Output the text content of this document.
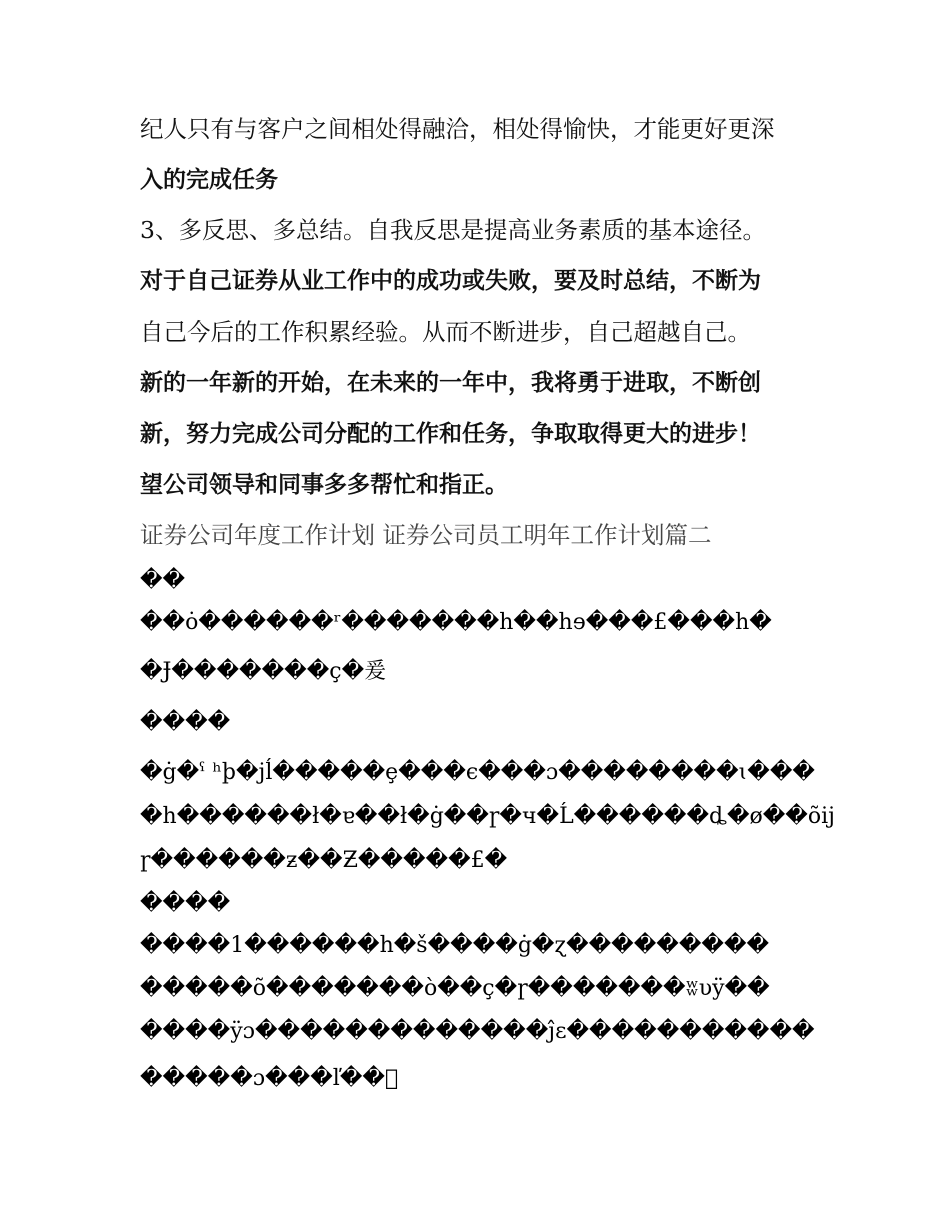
纪人只有与客户之间相处得融洽，相处得愉快，才能更好更深
入的完成任务
3、多反思、多总结。自我反思是提高业务素质的基本途径。
对于自己证券从业工作中的成功或失败，要及时总结，不断为
自己今后的工作积累经验。从而不断进步，自己超越自己。
新的一年新的开始，在未来的一年中，我将勇于进取，不断创
新，努力完成公司分配的工作和任务，争取取得更大的进步！
望公司领导和同事多多帮忙和指正。
证券公司年度工作计划 证券公司员工明年工作计划篇二
��
��ȯ������ʳ�������h��hɘ���£���h�
�Ɉ�������ç�爰
����
�ġ�ˤ ʰþ�jĺ�����ȩ���є���ɔ��������ɩ���
�h������ł�ɐ��ł�ġ��ɼ�ч�Ĺ������ȡ�ø��õij
ɼ������ƶ��Ƶ�����£�
����
����1������h�š����ġ�ɀ���������
�����õ�������ò��ç�ɼ�������ʬυÿ��
����ÿɔ�������������ĵɛ�����������
�����ɔ���ľ��󹪊
